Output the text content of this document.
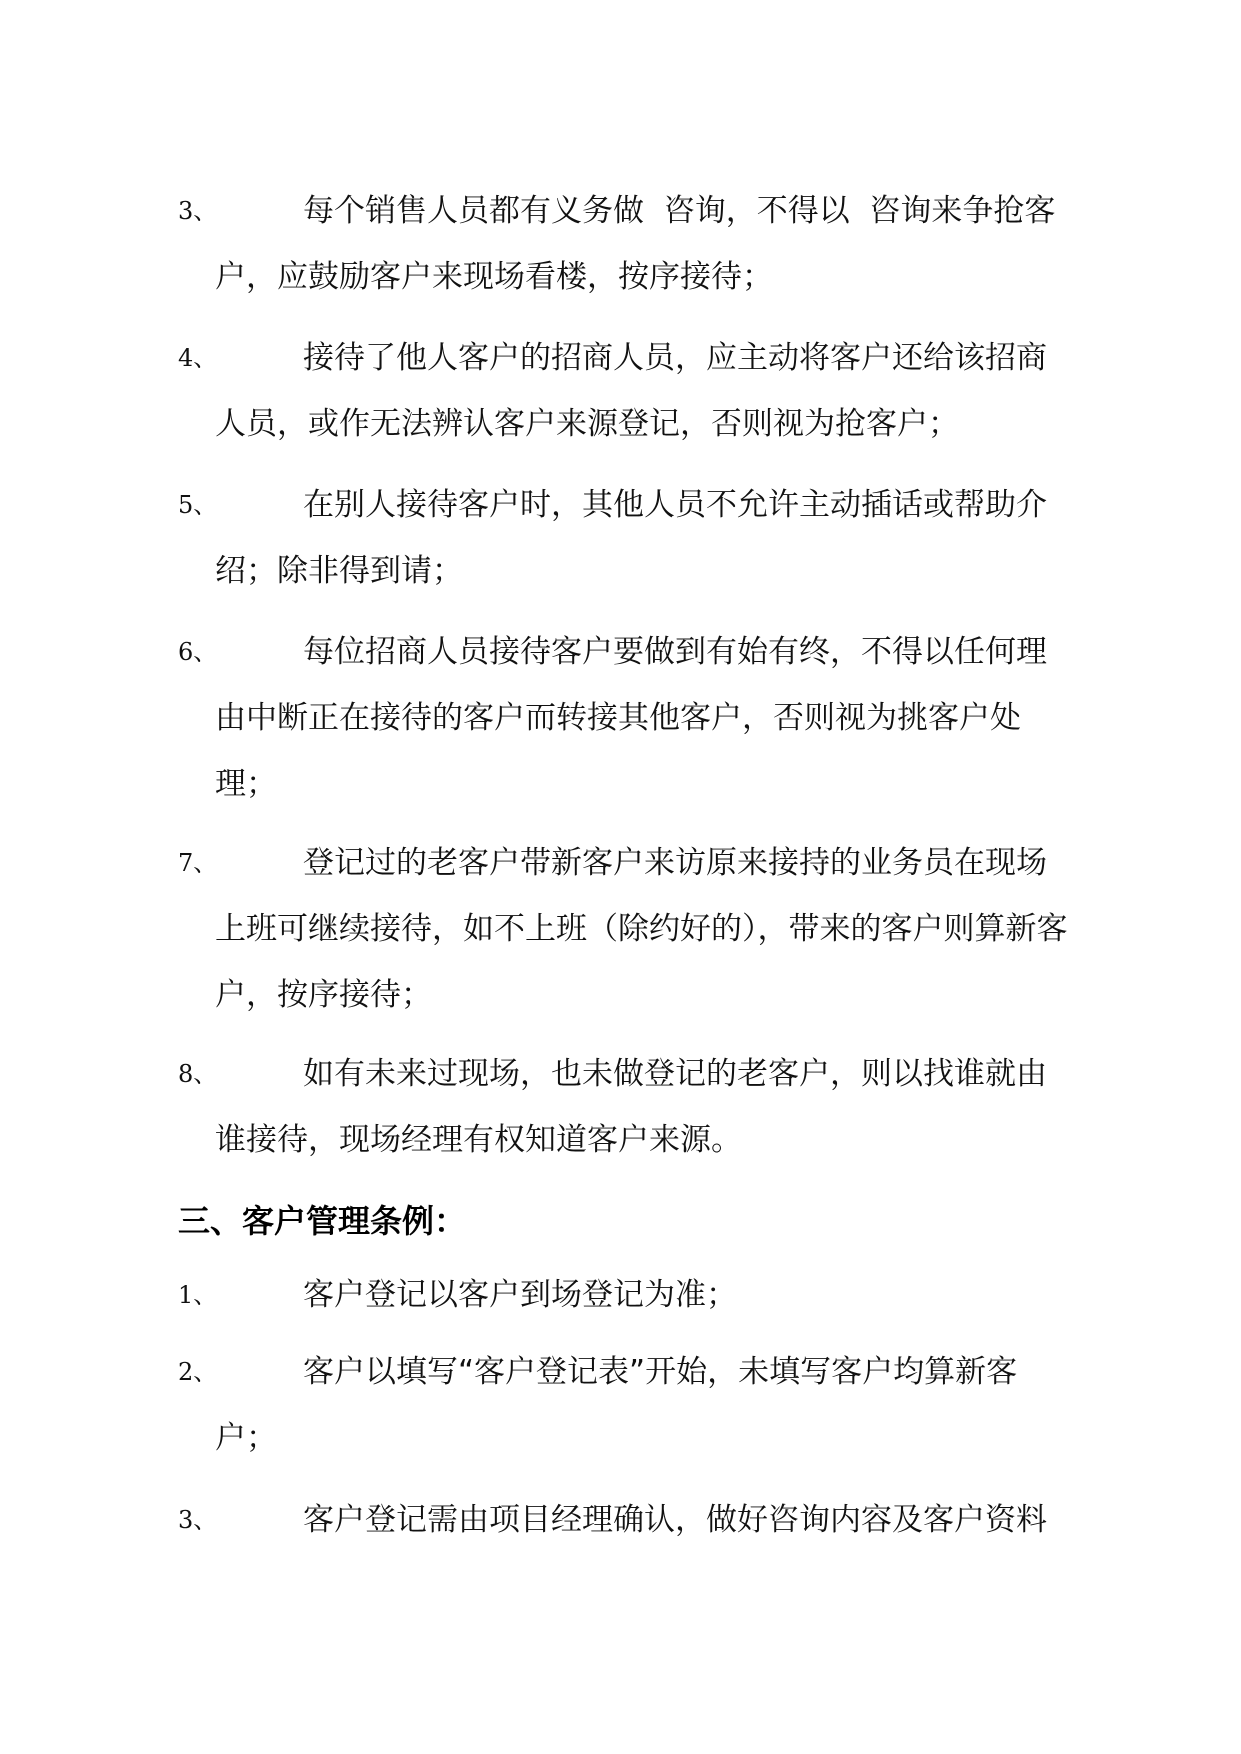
3、	每个销售人员都有义务做  咨询，不得以  咨询来争抢客户，应鼓励客户来现场看楼，按序接待；

4、	接待了他人客户的招商人员，应主动将客户还给该招商人员，或作无法辨认客户来源登记，否则视为抢客户；

5、	在别人接待客户时，其他人员不允许主动插话或帮助介绍；除非得到请；

6、	每位招商人员接待客户要做到有始有终，不得以任何理由中断正在接待的客户而转接其他客户，否则视为挑客户处理；

7、	登记过的老客户带新客户来访原来接持的业务员在现场上班可继续接待，如不上班（除约好的），带来的客户则算新客户，按序接待；

8、	如有未来过现场，也未做登记的老客户，则以找谁就由谁接待，现场经理有权知道客户来源。

三、客户管理条例：
1、	客户登记以客户到场登记为准；

2、	客户以填写“客户登记表”开始，未填写客户均算新客户；

3、	客户登记需由项目经理确认，做好咨询内容及客户资料
